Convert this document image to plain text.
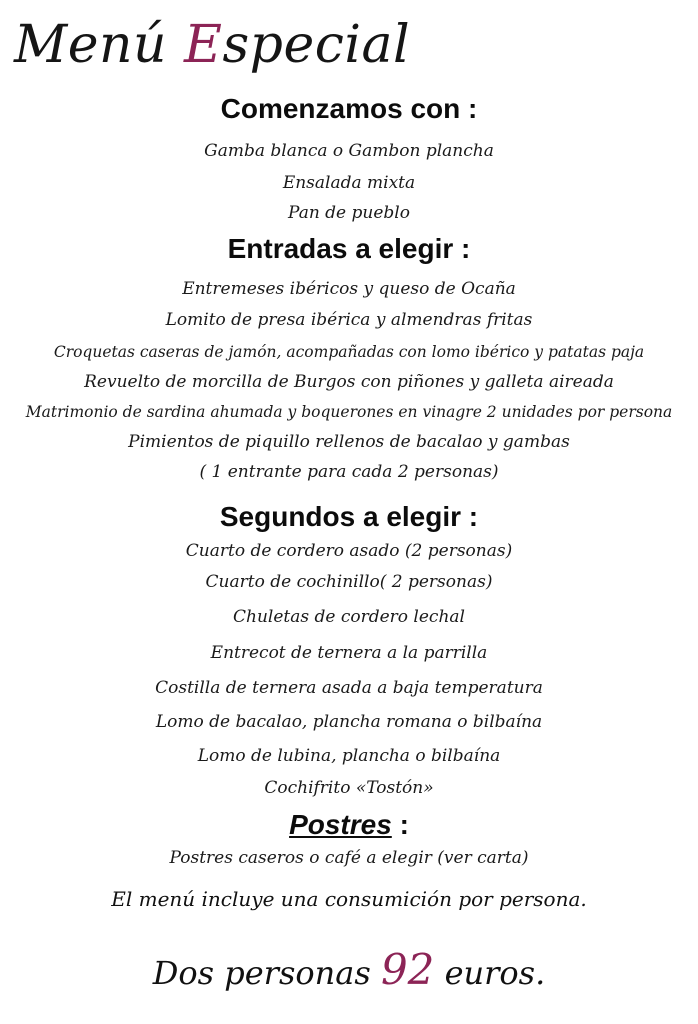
Menú Especial
Comenzamos con :
Gamba blanca o Gambon plancha
Ensalada mixta
Pan de pueblo
Entradas a elegir :
Entremeses ibéricos y queso de Ocaña
Lomito de presa ibérica y almendras fritas
Croquetas caseras de jamón, acompañadas con lomo ibérico y patatas paja
Revuelto de morcilla de Burgos con piñones y galleta aireada
Matrimonio de sardina ahumada y boquerones en vinagre 2 unidades por persona
Pimientos de piquillo rellenos de bacalao y gambas
( 1 entrante para cada 2 personas)
Segundos a elegir :
Cuarto de cordero asado (2 personas)
Cuarto de cochinillo( 2 personas)
Chuletas de cordero lechal
Entrecot de ternera a la parrilla
Costilla de ternera asada a baja temperatura
Lomo de bacalao, plancha romana o bilbaína
Lomo de lubina, plancha o bilbaína
Cochifrito «Tostón»
Postres :
Postres caseros o café a elegir (ver carta)
El menú incluye una consumición por persona.
Dos personas 92 euros.
